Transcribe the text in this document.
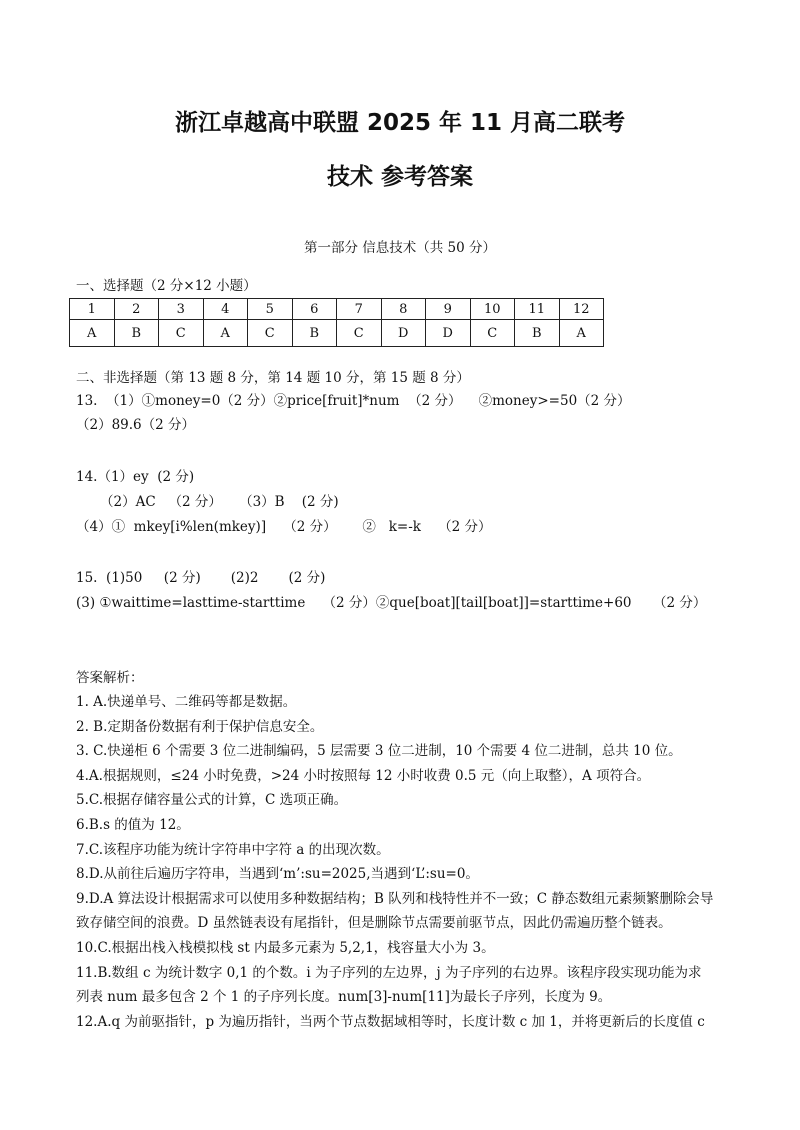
浙江卓越高中联盟 2025 年 11 月高二联考
技术 参考答案
第一部分 信息技术（共 50 分）
一、选择题（2 分×12 小题）
1	2	3	4	5	6	7	8	9	10	11	12
A	B	C	A	C	B	C	D	D	C	B	A
二、非选择题（第 13 题 8 分，第 14 题 10 分，第 15 题 8 分）
13.  （1）①money=0（2 分）②price[fruit]*num  （2 分）    ②money>=50（2 分）
（2）89.6（2 分）
14.（1）ey  (2 分)
（2）AC   （2 分）    （3）B    (2 分)
（4）①  mkey[i%len(mkey)]    （2 分）      ②   k=-k    （2 分）
15.  (1)50     (2 分)       (2)2       (2 分)
(3) ①waittime=lasttime-starttime    （2 分）②que[boat][tail[boat]]=starttime+60     （2 分）
答案解析：
1. A.快递单号、二维码等都是数据。
2. B.定期备份数据有利于保护信息安全。
3. C.快递柜 6 个需要 3 位二进制编码，5 层需要 3 位二进制，10 个需要 4 位二进制，总共 10 位。
4.A.根据规则，≤24 小时免费，>24 小时按照每 12 小时收费 0.5 元（向上取整），A 项符合。
5.C.根据存储容量公式的计算，C 选项正确。
6.B.s 的值为 12。
7.C.该程序功能为统计字符串中字符 a 的出现次数。
8.D.从前往后遍历字符串，当遇到‘m’:su=2025,当遇到‘L’:su=0。
9.D.A 算法设计根据需求可以使用多种数据结构；B 队列和栈特性并不一致；C 静态数组元素频繁删除会导
致存储空间的浪费。D 虽然链表设有尾指针，但是删除节点需要前驱节点，因此仍需遍历整个链表。
10.C.根据出栈入栈模拟栈 st 内最多元素为 5,2,1，栈容量大小为 3。
11.B.数组 c 为统计数字 0,1 的个数。i 为子序列的左边界，j 为子序列的右边界。该程序段实现功能为求
列表 num 最多包含 2 个 1 的子序列长度。num[3]-num[11]为最长子序列，长度为 9。
12.A.q 为前驱指针，p 为遍历指针，当两个节点数据域相等时，长度计数 c 加 1，并将更新后的长度值 c
